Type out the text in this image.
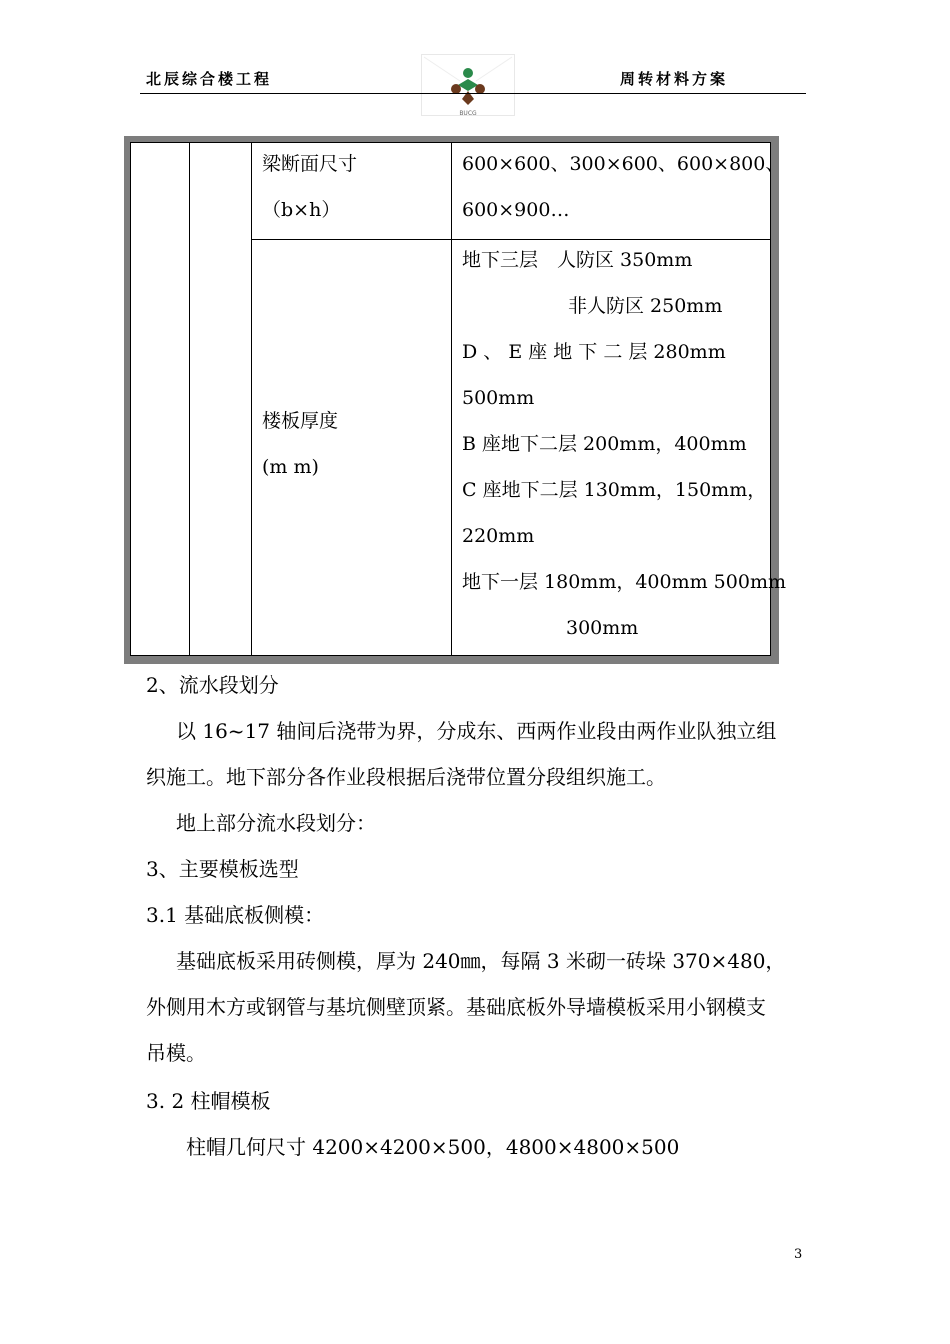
北辰综合楼工程
BUCG
周转材料方案
梁断面尺寸
（b×h）
600×600、300×600、600×800、
600×900…
楼板厚度
(m m)
地下三层　人防区 350mm
非人防区 250mm
D 、 E 座 地 下 二 层 280mm
500mm
B 座地下二层 200mm，400mm
C 座地下二层 130mm，150mm，
220mm
地下一层 180mm，400mm 500mm
300mm
2、流水段划分
以 16~17 轴间后浇带为界，分成东、西两作业段由两作业队独立组
织施工。地下部分各作业段根据后浇带位置分段组织施工。
地上部分流水段划分：
3、主要模板选型
3.1 基础底板侧模：
基础底板采用砖侧模，厚为 240㎜，每隔 3 米砌一砖垛 370×480，
外侧用木方或钢管与基坑侧壁顶紧。基础底板外导墙模板采用小钢模支
吊模。
3. 2 柱帽模板
柱帽几何尺寸 4200×4200×500，4800×4800×500
3
